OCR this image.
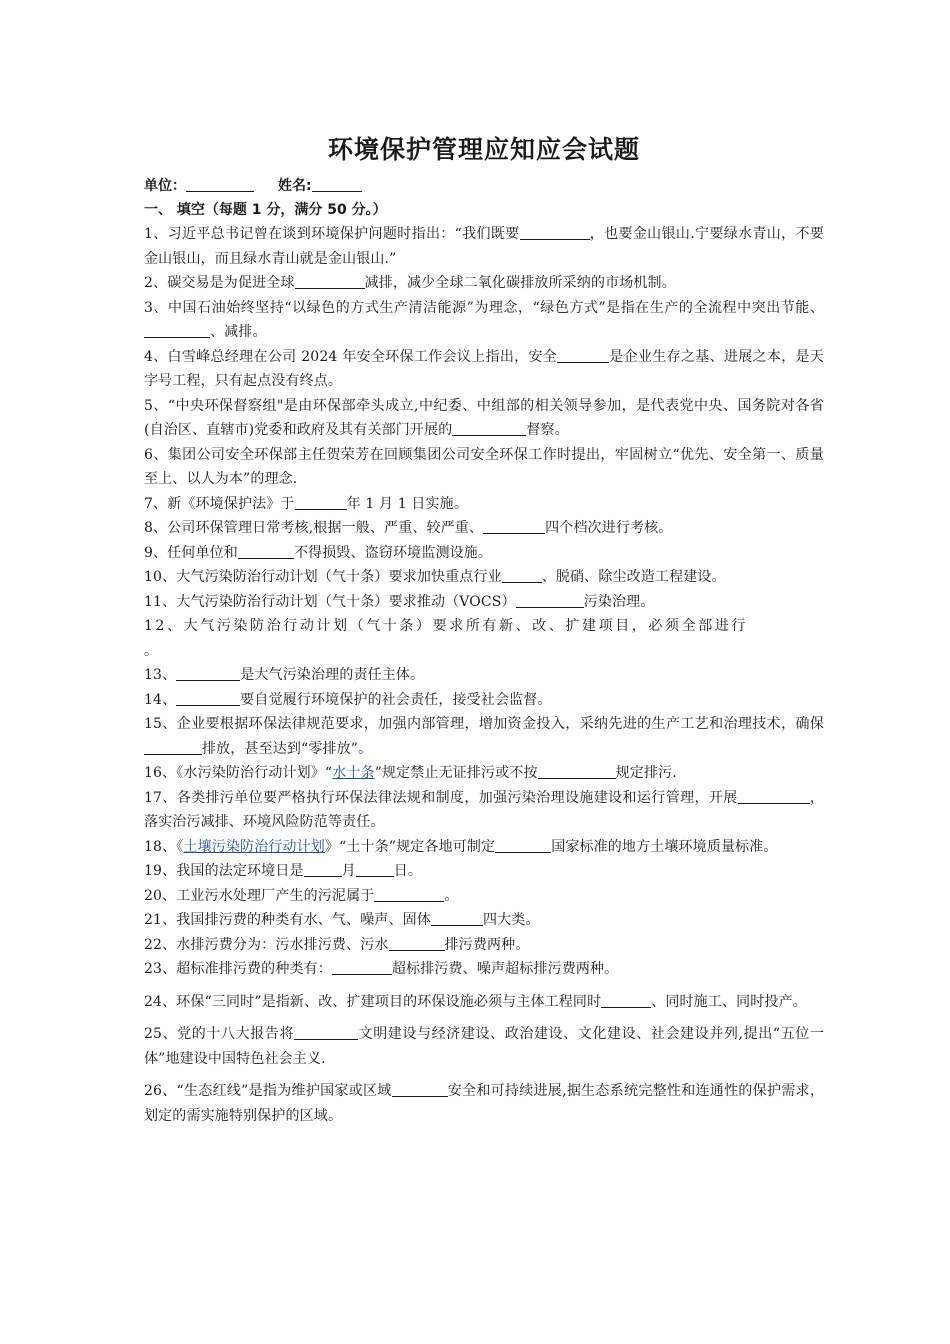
环境保护管理应知应会试题
单位：	姓名:
一、 填空（每题 1 分，满分 50 分。）
1、习近平总书记曾在谈到环境保护问题时指出：“我们既要	，也要金山银山.宁要绿水青山，不要金山银山，而且绿水青山就是金山银山.”
2、碳交易是为促进全球	减排，减少全球二氧化碳排放所采纳的市场机制。
3、中国石油始终坚持“以绿色的方式生产清洁能源”为理念，“绿色方式”是指在生产的全流程中突出节能、、减排。
4、白雪峰总经理在公司 2024 年安全环保工作会议上指出，安全	是企业生存之基、进展之本，是天字号工程，只有起点没有终点。
5、“中央环保督察组"是由环保部牵头成立,中纪委、中组部的相关领导参加，是代表党中央、国务院对各省(自治区、直辖市)党委和政府及其有关部门开展的	督察。
6、集团公司安全环保部主任贺荣芳在回顾集团公司安全环保工作时提出，牢固树立“优先、安全第一、质量至上、以人为本”的理念.
7、新《环境保护法》于	年 1 月 1 日实施。
8、公司环保管理日常考核,根据一般、严重、较严重、	四个档次进行考核。
9、任何单位和	不得损毁、盗窃环境监测设施。
10、大气污染防治行动计划（气十条）要求加快重点行业	、脱硝、除尘改造工程建设。
11、大气污染防治行动计划（气十条）要求推动（VOCS）	污染治理。
12、大气污染防治行动计划（气十条）要求所有新、改、扩建项目，必须全部进行
。
13、	是大气污染治理的责任主体。
14、	要自觉履行环境保护的社会责任，接受社会监督。
15、企业要根据环保法律规范要求，加强内部管理，增加资金投入，采纳先进的生产工艺和治理技术，确保排放，甚至达到“零排放”。
16、《水污染防治行动计划》“水十条”规定禁止无证排污或不按	规定排污.
17、各类排污单位要严格执行环保法律法规和制度，加强污染治理设施建设和运行管理，开展	，落实治污减排、环境风险防范等责任。
18、《土壤污染防治行动计划》“土十条”规定各地可制定	国家标准的地方土壤环境质量标准。
19、我国的法定环境日是	月	日。
20、工业污水处理厂产生的污泥属于	。
21、我国排污费的种类有水、气、噪声、固体	四大类。
22、水排污费分为：污水排污费、污水	排污费两种。
23、超标准排污费的种类有：	超标排污费、噪声超标排污费两种。
24、环保“三同时”是指新、改、扩建项目的环保设施必须与主体工程同时	、同时施工、同时投产。
25、党的十八大报告将	文明建设与经济建设、政治建设、文化建设、社会建设并列,提出“五位一体”地建设中国特色社会主义.
26、“生态红线”是指为维护国家或区域	安全和可持续进展,据生态系统完整性和连通性的保护需求，划定的需实施特别保护的区域。
